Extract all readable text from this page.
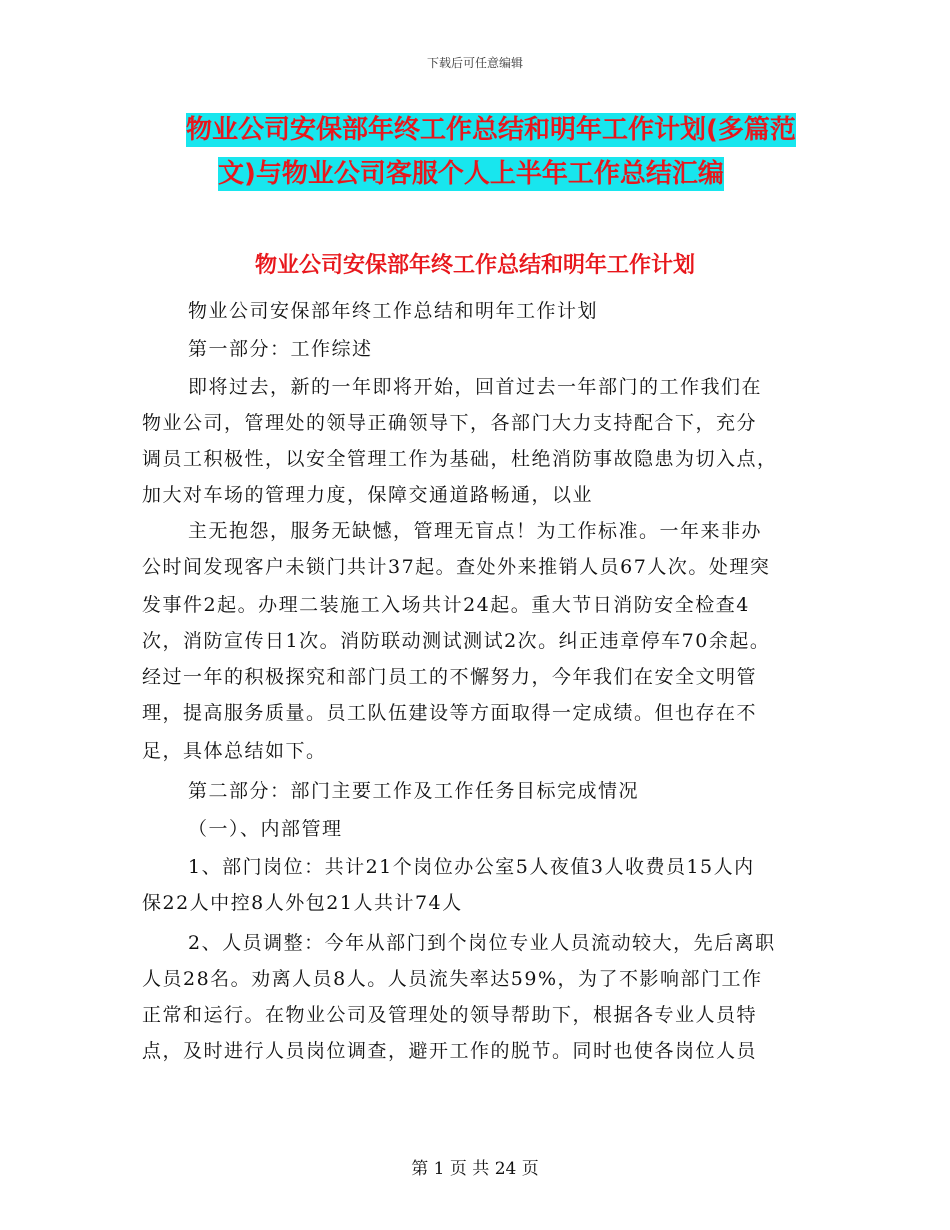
下载后可任意编辑
物业公司安保部年终工作总结和明年工作计划(多篇范
文)与物业公司客服个人上半年工作总结汇编
物业公司安保部年终工作总结和明年工作计划
物业公司安保部年终工作总结和明年工作计划
第一部分：工作综述
即将过去，新的一年即将开始，回首过去一年部门的工作我们在
物业公司，管理处的领导正确领导下，各部门大力支持配合下，充分
调员工积极性，以安全管理工作为基础，杜绝消防事故隐患为切入点，
加大对车场的管理力度，保障交通道路畅通，以业
主无抱怨，服务无缺憾，管理无盲点！为工作标准。一年来非办
公时间发现客户未锁门共计37起。查处外来推销人员67人次。处理突
发事件2起。办理二装施工入场共计24起。重大节日消防安全检查4
次，消防宣传日1次。消防联动测试测试2次。纠正违章停车70余起。
经过一年的积极探究和部门员工的不懈努力，今年我们在安全文明管
理，提高服务质量。员工队伍建设等方面取得一定成绩。但也存在不
足，具体总结如下。
第二部分：部门主要工作及工作任务目标完成情况
（一）、内部管理
1、部门岗位：共计21个岗位办公室5人夜值3人收费员15人内
保22人中控8人外包21人共计74人
2、人员调整：今年从部门到个岗位专业人员流动较大，先后离职
人员28名。劝离人员8人。人员流失率达59%，为了不影响部门工作
正常和运行。在物业公司及管理处的领导帮助下，根据各专业人员特
点，及时进行人员岗位调查，避开工作的脱节。同时也使各岗位人员
第 1 页 共 24 页
